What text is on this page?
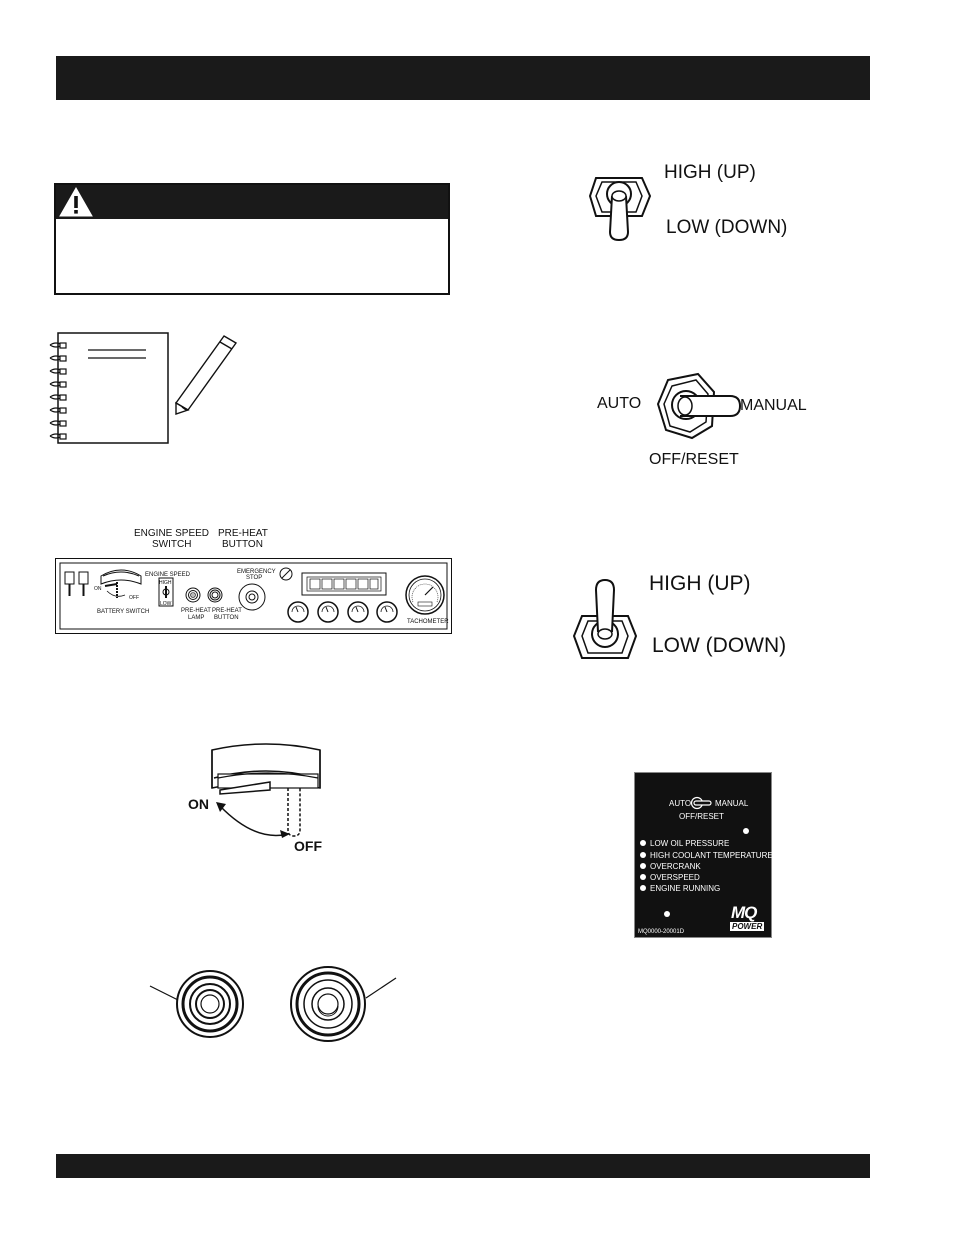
ENGINE SPEED
SWITCH
PRE-HEAT
BUTTON
ENGINE SPEED
HIGH
LOW
ON
OFF
BATTERY SWITCH	PRE-HEAT
LAMP
PRE-HEAT
BUTTON
EMERGENCY
STOP
TACHOMETER
ON
OFF
HIGH (UP)
LOW (DOWN)
AUTO	MANUAL
OFF/RESET
HIGH (UP)
LOW (DOWN)
AUTO	MANUAL
OFF/RESET
LOW OIL PRESSURE
HIGH COOLANT TEMPERATURE
OVERCRANK
OVERSPEED
ENGINE RUNNING
MQ
POWER
MQ0000-20001D
